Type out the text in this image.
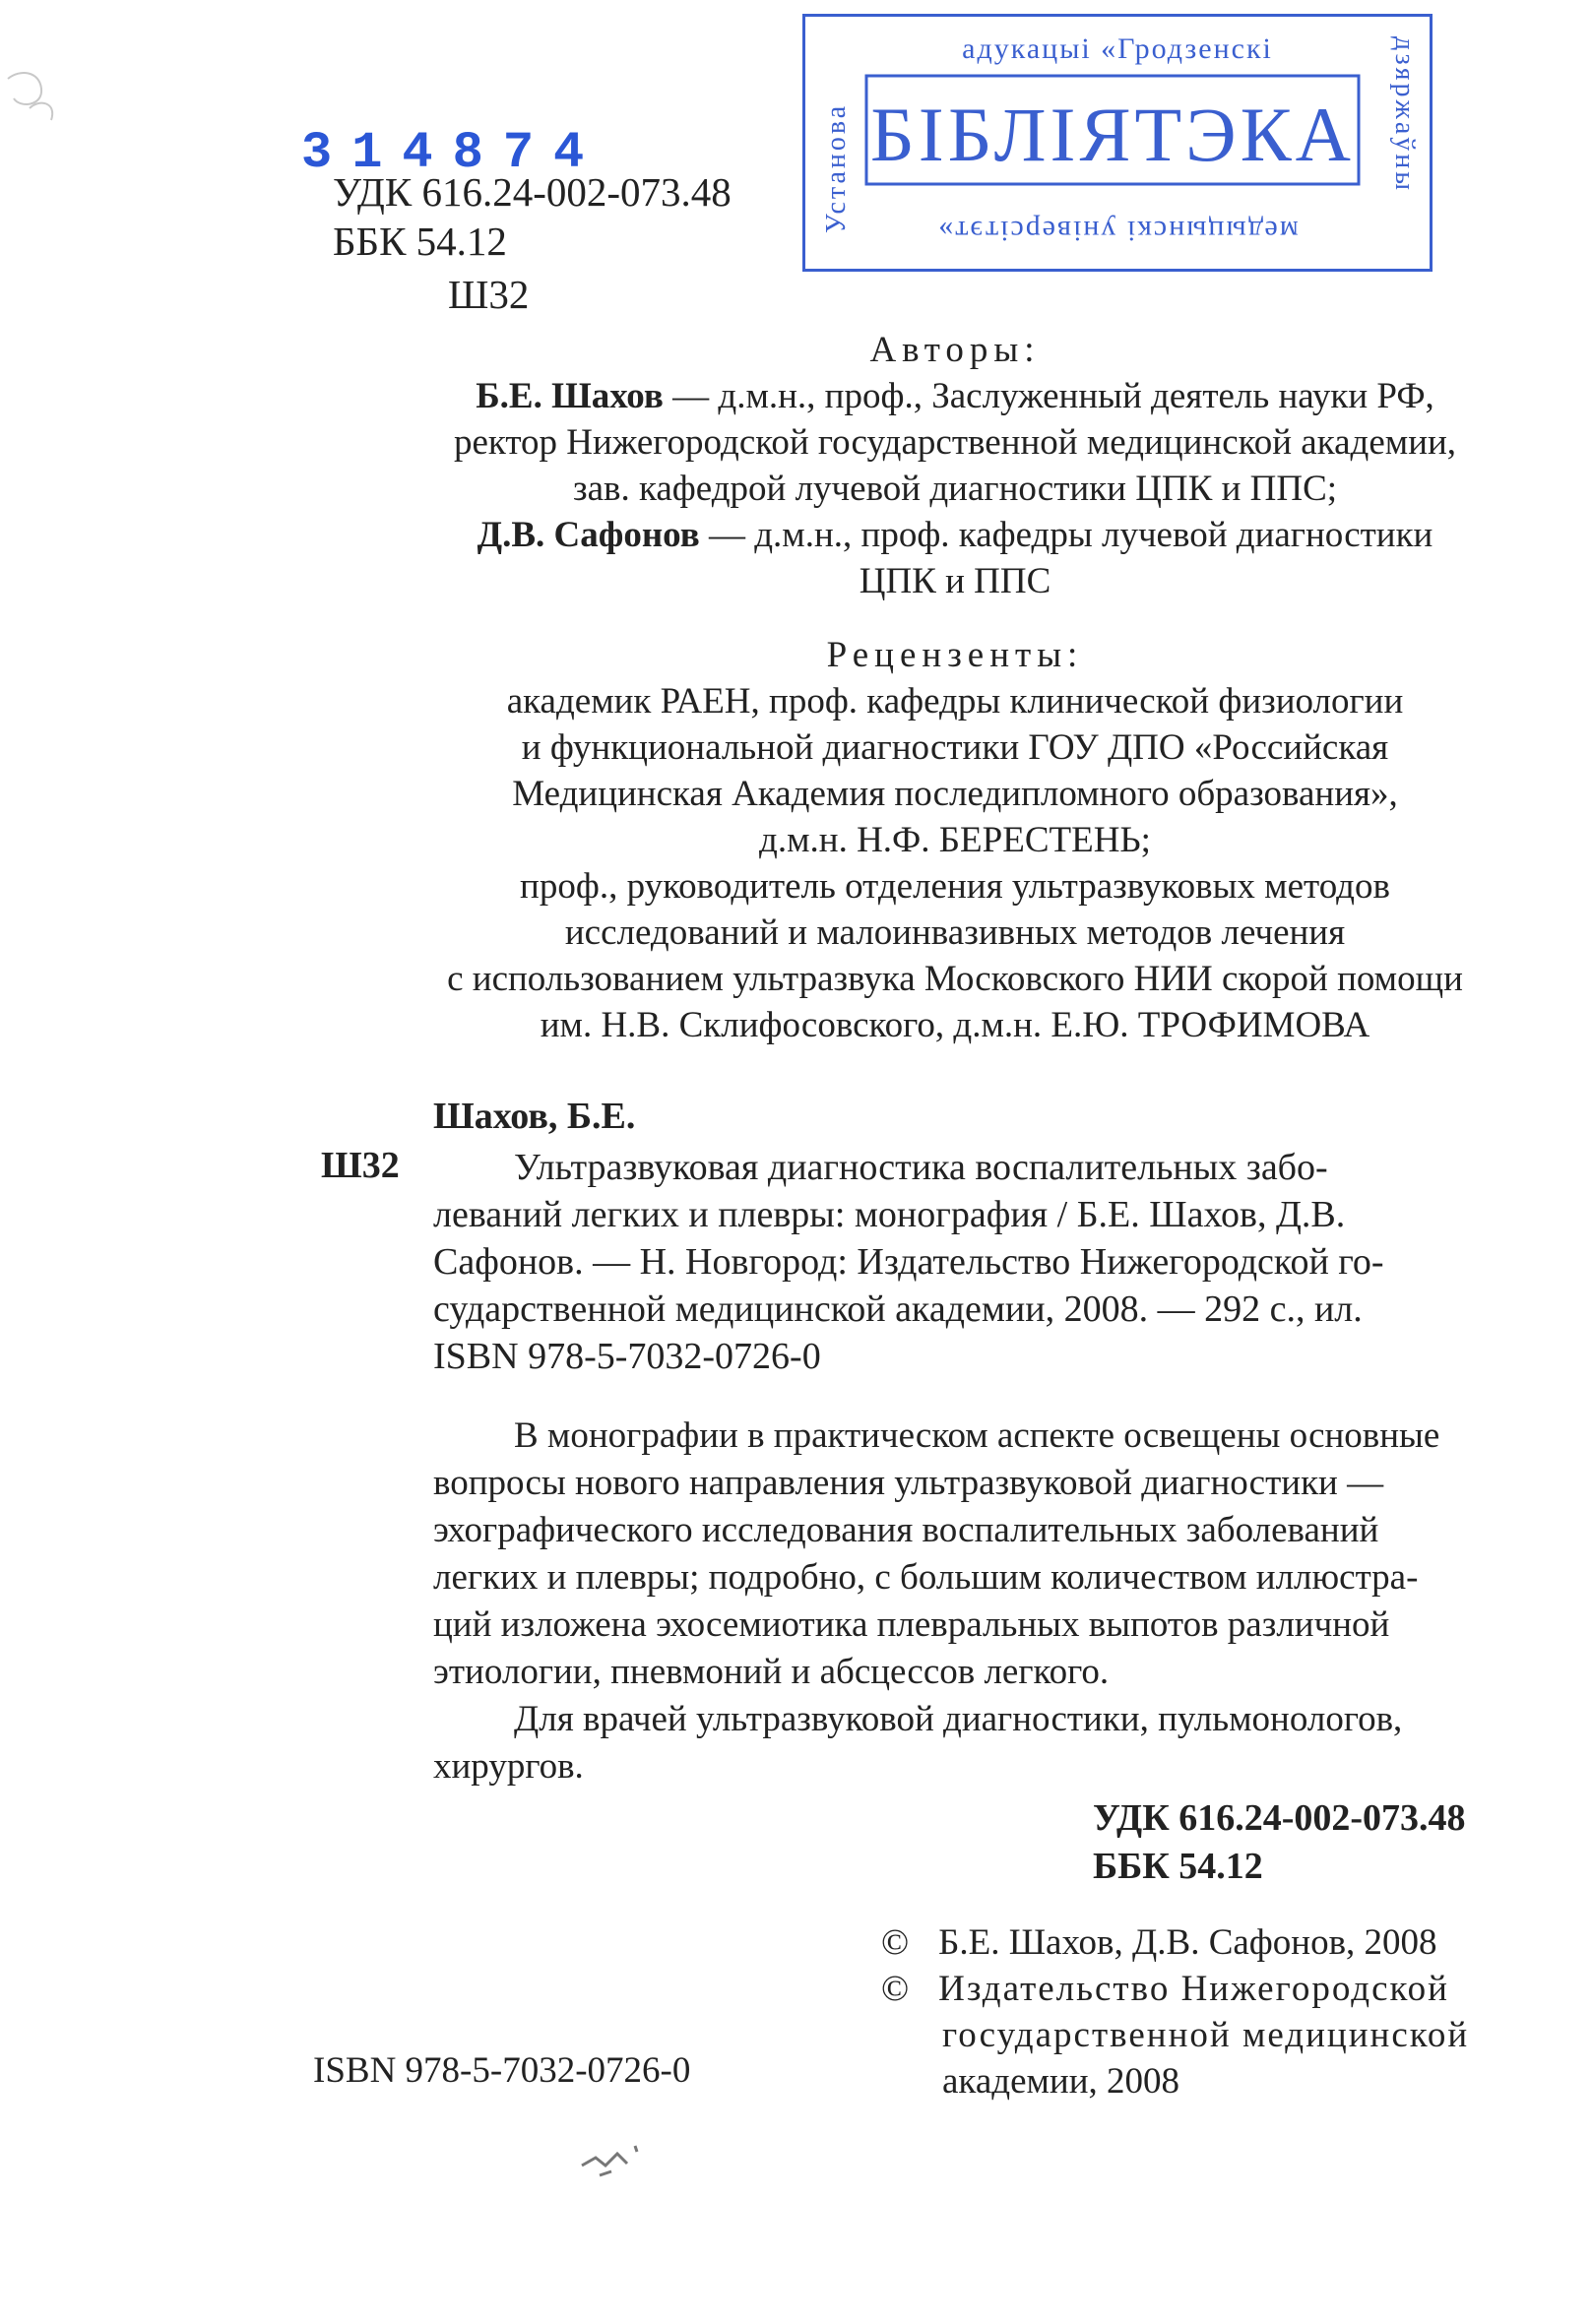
адукацыі «Гродзенскі
Установа	дзяржаўны
БІБЛІЯТЭКА
медыцынскі універсітэт»
314874
УДК 616.24-002-073.48
ББК 54.12
Ш32
Авторы:
Б.Е. Шахов — д.м.н., проф., Заслуженный деятель науки РФ,
ректор Нижегородской государственной медицинской академии,
зав. кафедрой лучевой диагностики ЦПК и ППС;
Д.В. Сафонов — д.м.н., проф. кафедры лучевой диагностики
ЦПК и ППС
Рецензенты:
академик РАЕН, проф. кафедры клинической физиологии
и функциональной диагностики ГОУ ДПО «Российская
Медицинская Академия последипломного образования»,
д.м.н. Н.Ф. БЕРЕСТЕНЬ;
проф., руководитель отделения ультразвуковых методов
исследований и малоинвазивных методов лечения
с использованием ультразвука Московского НИИ скорой помощи
им. Н.В. Склифосовского, д.м.н. Е.Ю. ТРОФИМОВА
Шахов, Б.Е.
Ш32	Ультразвуковая диагностика воспалительных забо-
леваний легких и плевры: монография / Б.Е. Шахов, Д.В.
Сафонов. — Н. Новгород: Издательство Нижегородской го-
сударственной медицинской академии, 2008. — 292 с., ил.
ISBN 978-5-7032-0726-0
В монографии в практическом аспекте освещены основные
вопросы нового направления ультразвуковой диагностики —
эхографического исследования воспалительных заболеваний
легких и плевры; подробно, с большим количеством иллюстра-
ций изложена эхосемиотика плевральных выпотов различной
этиологии, пневмоний и абсцессов легкого.
Для врачей ультразвуковой диагностики, пульмонологов,
хирургов.
УДК 616.24-002-073.48
ББК 54.12
© Б.Е. Шахов, Д.В. Сафонов, 2008
© Издательство Нижегородской
государственной медицинской
академии, 2008
ISBN 978-5-7032-0726-0
